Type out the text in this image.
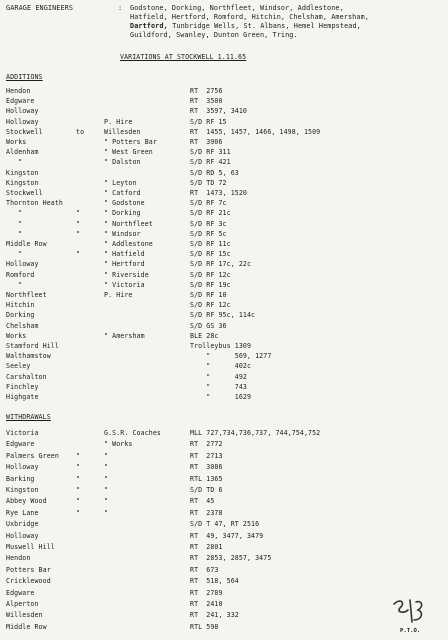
GARAGE ENGINEERS	: Godstone, Dorking, Northfleet, Windsor, Addlestone,
Hatfield, Hertford, Romford, Hitchin, Chelsham, Amersham,
Dartford, Tunbridge Wells, St. Albans, Hemel Hempstead,
Guildford, Swanley, Dunton Green, Tring.
VARIATIONS AT STOCKWELL 1.11.65
ADDITIONS
Hendon	RT  2756
Edgware	RT  3500
Holloway	RT  3597, 3410
Holloway	P. Hire	S/D RF 15
Stockwell	to	Willesden	RT  1455, 1457, 1466, 1498, 1509
Works	" Potters Bar	RT  3906
Aldenham	" West Green	S/D RF 311
"	" Dalston	S/D RF 421
Kingston	S/D RD 5, 63
Kingston	" Leyton	S/D TD 72
Stockwell	" Catford	RT  1473, 1520
Thornton Heath	" Godstone	S/D RF 7c
"	"	" Dorking	S/D RF 21c
"	"	" Northfleet	S/D RF 3c
"	"	" Windsor	S/D RF 5c
Middle Row	" Addlestone	S/D RF 11c
"	"	" Hatfield	S/D RF 15c
Holloway	" Hertford	S/D RF 17c, 22c
Romford	" Riverside	S/D RF 12c
"	" Victoria	S/D RF 19c
Northfleet	P. Hire	S/D RF 10
Hitchin	S/D RF 12c
Dorking	S/D RF 95c, 114c
Chelsham	S/D GS 36
Works	" Amersham	BLE 28c
Stamford Hill	Trolleybus 1309
Walthamstow	"      569, 1277
Seeley	"      402c
Carshalton	"      492
Finchley	"      743
Highgate	"      1629
WITHDRAWALS
Victoria	G.S.R. Coaches	MLL 727,734,736,737, 744,754,752
Edgware	" Works	RT  2772
Palmers Green	"	"	RT  2713
Holloway	"	"	RT  3086
Barking	"	"	RTL 1365
Kingston	"	"	S/D TD 6
Abbey Wood	"	"	RT  45
Rye Lane	"	"	RT  2378
Uxbridge	S/D T 47, RT 2516
Holloway	RT  49, 3477, 3479
Muswell Hill	RT  2801
Hendon	RT  2853, 2857, 3475
Potters Bar	RT  673
Cricklewood	RT  518, 564
Edgware	RT  2789
Alperton	RT  2410
Willesden	RT  241, 332
Middle Row	RTL 598
P.T.O.
